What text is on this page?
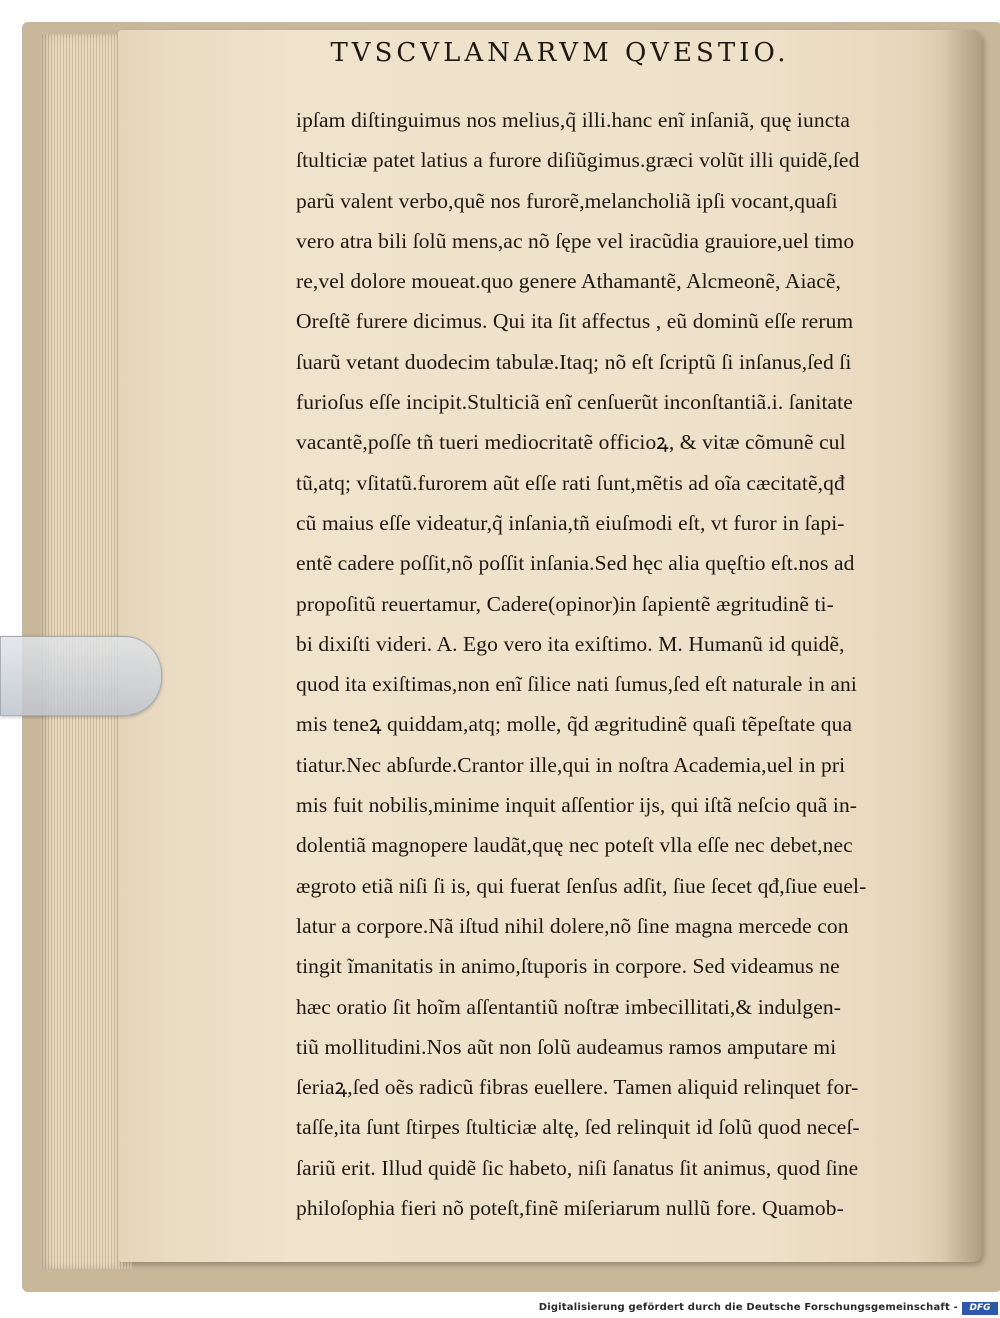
TVSCVLANARVM QVESTIO.
ipſam diſtinguimus nos melius,q̃ illi.hanc enĩ inſaniã, quę iuncta
ſtulticiæ patet latius a furore diſiũgimus.græci volũt illi quidẽ,ſed
parũ valent verbo,quẽ nos furorẽ,melancholiã ipſi vocant,quaſi
vero atra bili ſolũ mens,ac nõ ſępe vel iracũdia grauiore,uel timo
re,vel dolore moueat.quo genere Athamantẽ, Alcmeonẽ, Aiacẽ,
Oreſtẽ furere dicimus. Qui ita ſit affectus , eũ dominũ eſſe rerum
ſuarũ vetant duodecim tabulæ.Itaq; nõ eſt ſcriptũ ſi inſanus,ſed ſi
furioſus eſſe incipit.Stulticiã enĩ cenſuerũt inconſtantiã.i. ſanitate
vacantẽ,poſſe tñ tueri mediocritatẽ officioꝝ, & vitæ cõmunẽ cul
tũ,atq; vſitatũ.furorem aũt eſſe rati ſunt,mẽtis ad oĩa cæcitatẽ,qđ
cũ maius eſſe videatur,q̃ inſania,tñ eiuſmodi eſt, vt furor in ſapi-
entẽ cadere poſſit,nõ poſſit inſania.Sed hęc alia quęſtio eſt.nos ad
propoſitũ reuertamur, Cadere(opinor)in ſapientẽ ægritudinẽ ti-
bi dixiſti videri. A. Ego vero ita exiſtimo. M. Humanũ id quidẽ,
quod ita exiſtimas,non enĩ ſilice nati ſumus,ſed eſt naturale in ani
mis teneꝝ quiddam,atq; molle, q̃d ægritudinẽ quaſi tẽpeſtate qua
tiatur.Nec abſurde.Crantor ille,qui in noſtra Academia,uel in pri
mis fuit nobilis,minime inquit aſſentior ijs, qui iſtã neſcio quã in-
dolentiã magnopere laudãt,quę nec poteſt vlla eſſe nec debet,nec
ægroto etiã niſi ſi is, qui fuerat ſenſus adſit, ſiue ſecet qđ,ſiue euel-
latur a corpore.Nã iſtud nihil dolere,nõ ſine magna mercede con
tingit ĩmanitatis in animo,ſtuporis in corpore. Sed videamus ne
hæc oratio ſit hoĩm aſſentantiũ noſtræ imbecillitati,& indulgen-
tiũ mollitudini.Nos aũt non ſolũ audeamus ramos amputare mi
ſeriaꝝ,ſed oẽs radicũ fibras euellere. Tamen aliquid relinquet for-
taſſe,ita ſunt ſtirpes ſtulticiæ altę, ſed relinquit id ſolũ quod neceſ-
ſariũ erit. Illud quidẽ ſic habeto, niſi ſanatus ſit animus, quod ſine
philoſophia fieri nõ poteſt,finẽ miſeriarum nullũ fore. Quamob-
Digitalisierung gefördert durch die Deutsche Forschungsgemeinschaft -	DFG
